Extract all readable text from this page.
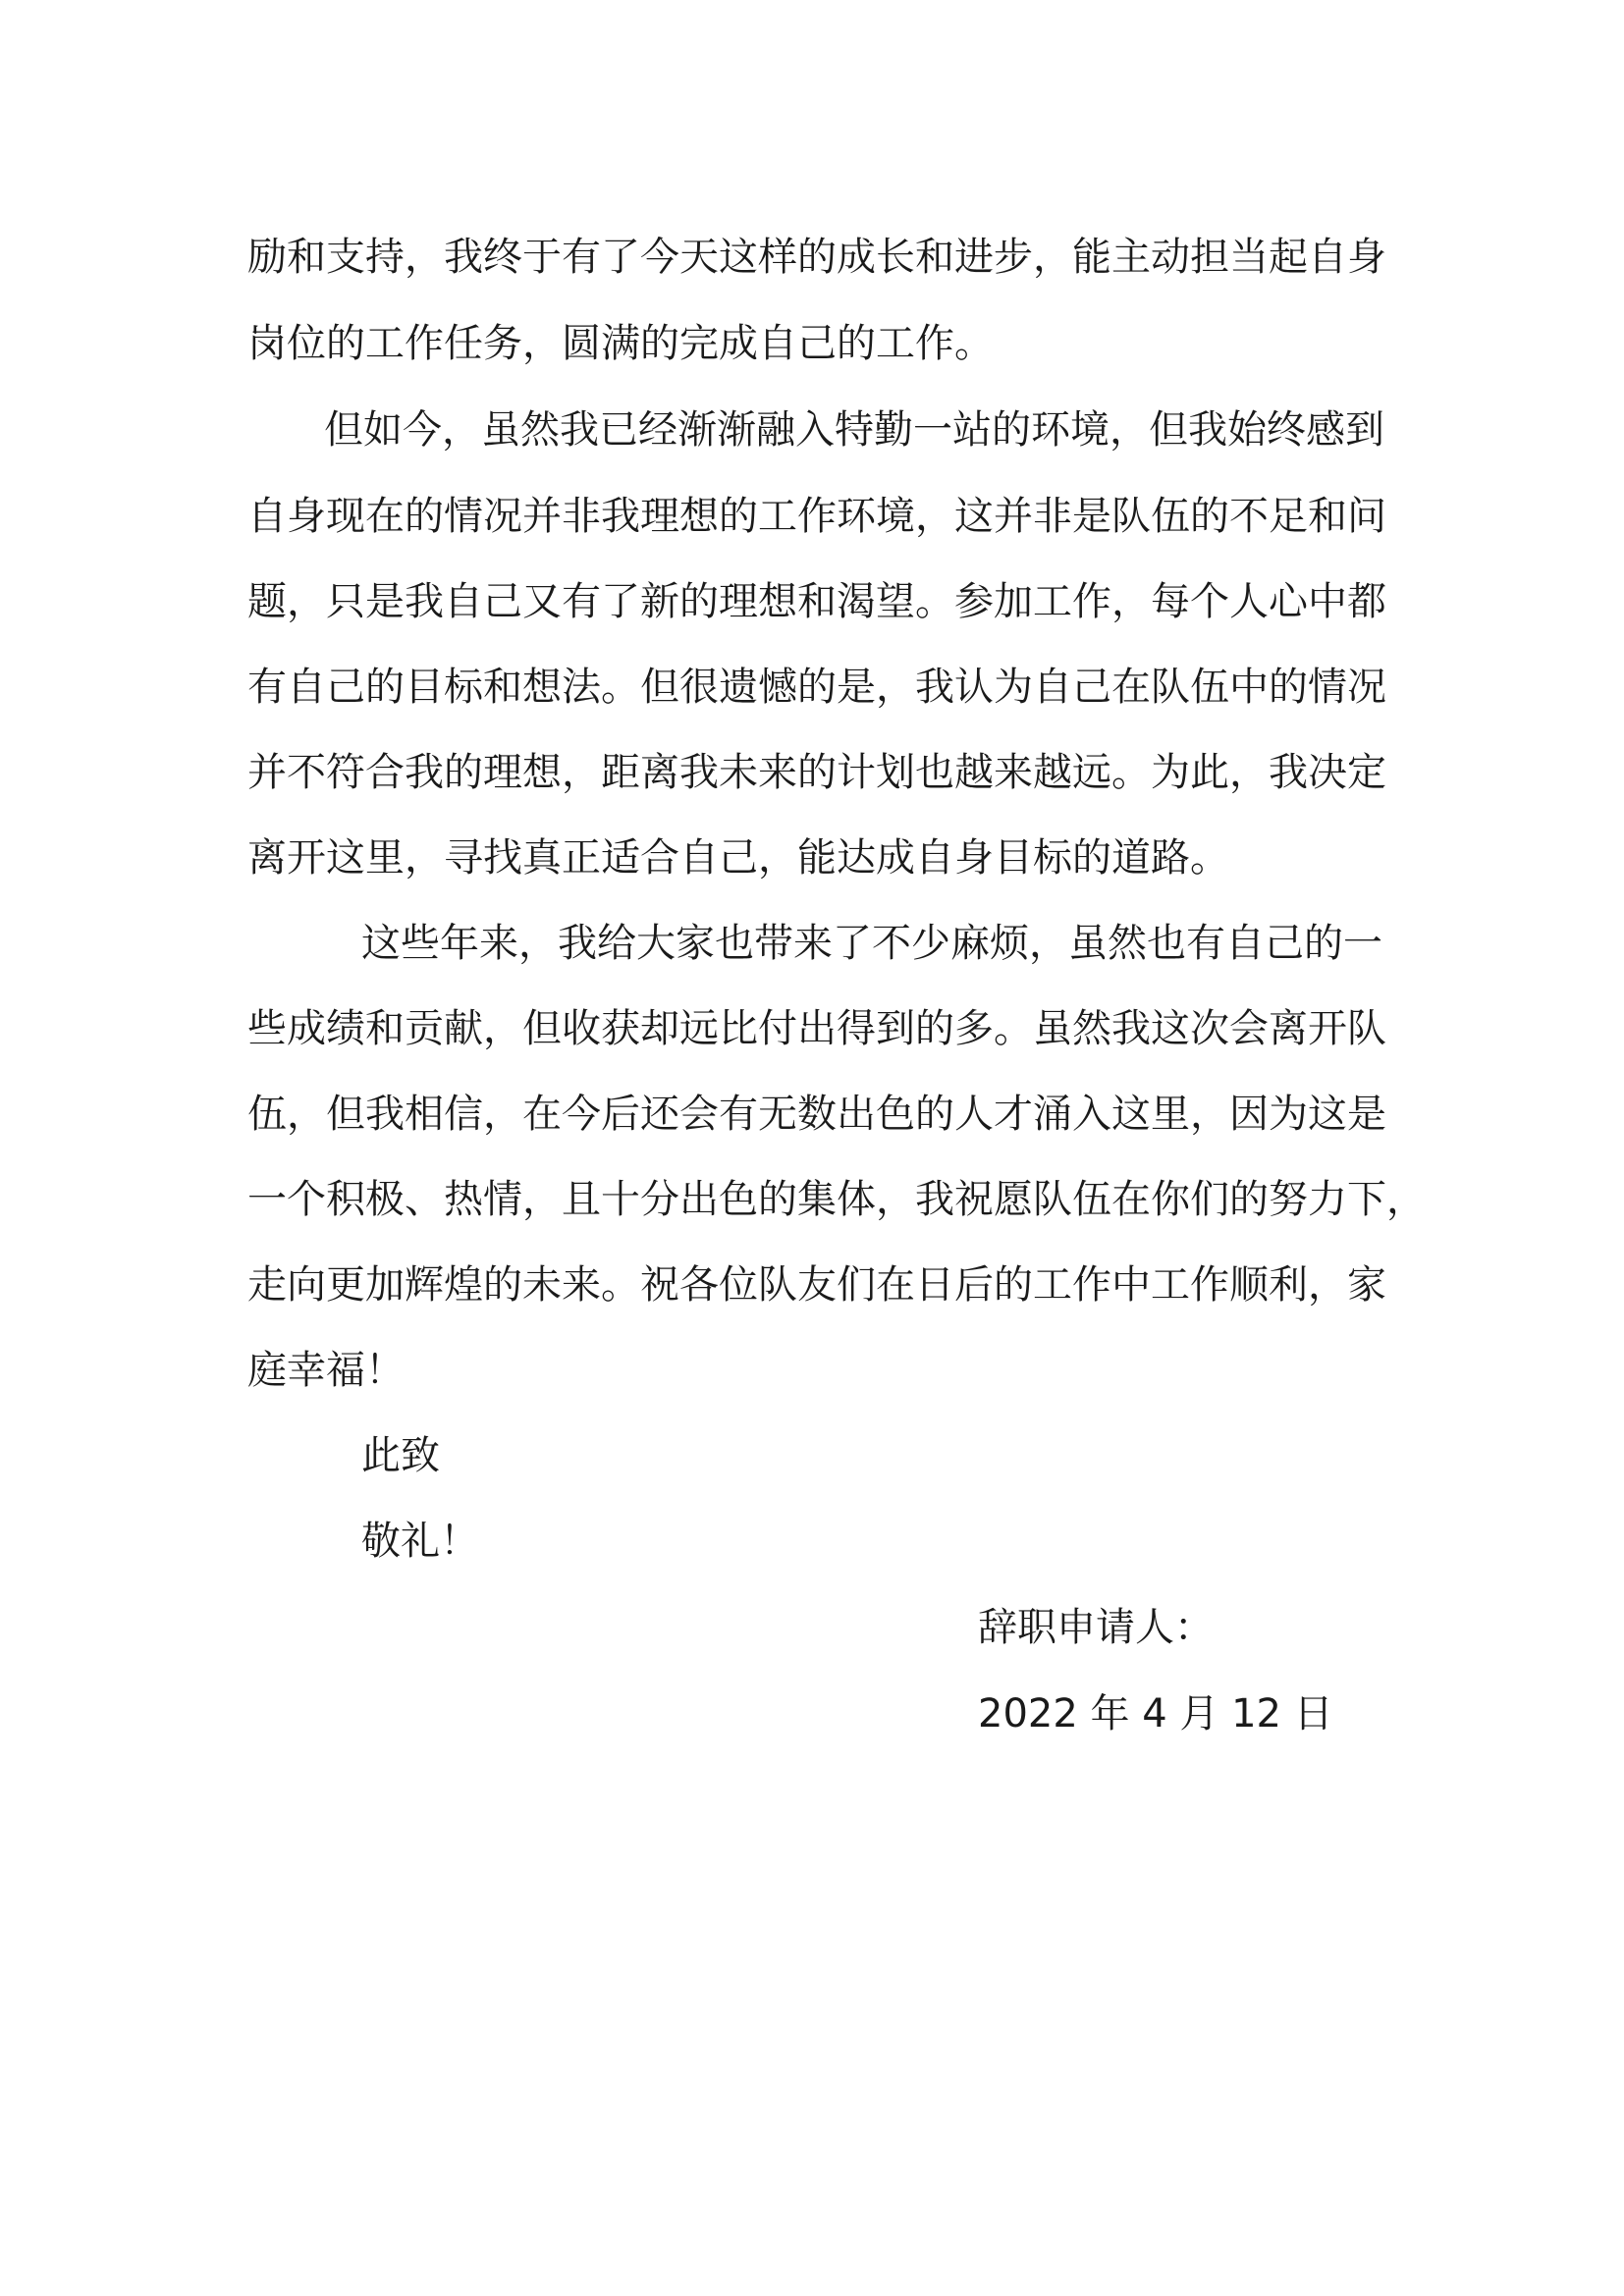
励和支持，我终于有了今天这样的成长和进步，能主动担当起自身
岗位的工作任务，圆满的完成自己的工作。
但如今，虽然我已经渐渐融入特勤一站的环境，但我始终感到
自身现在的情况并非我理想的工作环境，这并非是队伍的不足和问
题，只是我自己又有了新的理想和渴望。参加工作，每个人心中都
有自己的目标和想法。但很遗憾的是，我认为自己在队伍中的情况
并不符合我的理想，距离我未来的计划也越来越远。为此，我决定
离开这里，寻找真正适合自己，能达成自身目标的道路。
这些年来，我给大家也带来了不少麻烦，虽然也有自己的一
些成绩和贡献，但收获却远比付出得到的多。虽然我这次会离开队
伍，但我相信，在今后还会有无数出色的人才涌入这里，因为这是
一个积极、热情，且十分出色的集体，我祝愿队伍在你们的努力下，
走向更加辉煌的未来。祝各位队友们在日后的工作中工作顺利，家
庭幸福！
此致
敬礼！
辞职申请人：
2022 年 4 月 12 日
